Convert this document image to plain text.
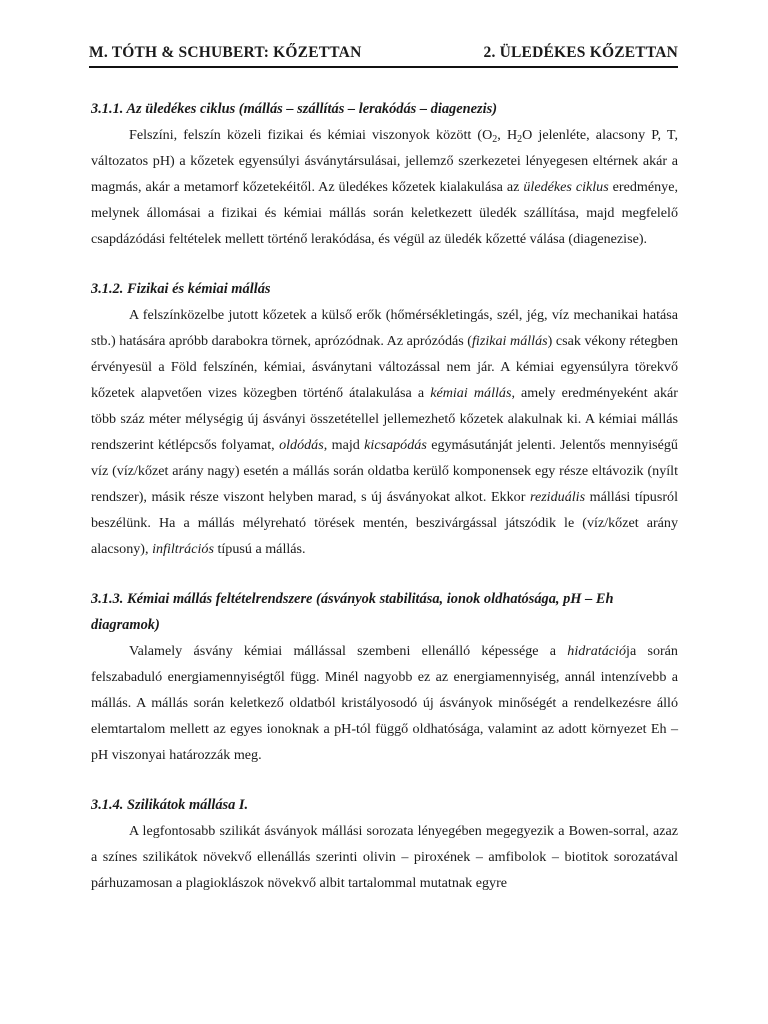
M. TÓTH & SCHUBERT: KŐZETTAN	2. ÜLEDÉKES KŐZETTAN

3.1.1. Az üledékes ciklus (mállás – szállítás – lerakódás – diagenezis)

Felszíni, felszín közeli fizikai és kémiai viszonyok között ($O_2$, $H_2O$ jelenléte, alacsony P, T, változatos pH) a kőzetek egyensúlyi ásványtársulásai, jellemző szerkezetei lényegesen eltérnek akár a magmás, akár a metamorf kőzetekéitől. Az üledékes kőzetek kialakulása az üledékes ciklus eredménye, melynek állomásai a fizikai és kémiai mállás során keletkezett üledék szállítása, majd megfelelő csapdázódási feltételek mellett történő lerakódása, és végül az üledék kőzetté válása (diagenezise).

3.1.2. Fizikai és kémiai mállás

A felszínközelbe jutott kőzetek a külső erők (hőmérsékletingás, szél, jég, víz mechanikai hatása stb.) hatására apróbb darabokra törnek, aprózódnak. Az aprózódás (fizikai mállás) csak vékony rétegben érvényesül a Föld felszínén, kémiai, ásványtani változással nem jár. A kémiai egyensúlyra törekvő kőzetek alapvetően vizes közegben történő átalakulása a kémiai mállás, amely eredményeként akár több száz méter mélységig új ásványi összetétellel jellemezhető kőzetek alakulnak ki. A kémiai mállás rendszerint kétlépcsős folyamat, oldódás, majd kicsapódás egymásutánját jelenti. Jelentős mennyiségű víz (víz/kőzet arány nagy) esetén a mállás során oldatba kerülő komponensek egy része eltávozik (nyílt rendszer), másik része viszont helyben marad, s új ásványokat alkot. Ekkor reziduális mállási típusról beszélünk. Ha a mállás mélyreható törések mentén, beszivárgással játszódik le (víz/kőzet arány alacsony), infiltrációs típusú a mállás.

3.1.3. Kémiai mállás feltételrendszere (ásványok stabilitása, ionok oldhatósága, pH – Eh diagramok)

Valamely ásvány kémiai mállással szembeni ellenálló képessége a hidratációja során felszabaduló energiamennyiségtől függ. Minél nagyobb ez az energiamennyiség, annál intenzívebb a mállás. A mállás során keletkező oldatból kristályosodó új ásványok minőségét a rendelkezésre álló elemtartalom mellett az egyes ionoknak a pH-tól függő oldhatósága, valamint az adott környezet Eh – pH viszonyai határozzák meg.

3.1.4. Szilikátok mállása I.

A legfontosabb szilikát ásványok mállási sorozata lényegében megegyezik a Bowen-sorral, azaz a színes szilikátok növekvő ellenállás szerinti olivin – piroxének – amfibolok – biotitok sorozatával párhuzamosan a plagioklászok növekvő albit tartalommal mutatnak egyre
